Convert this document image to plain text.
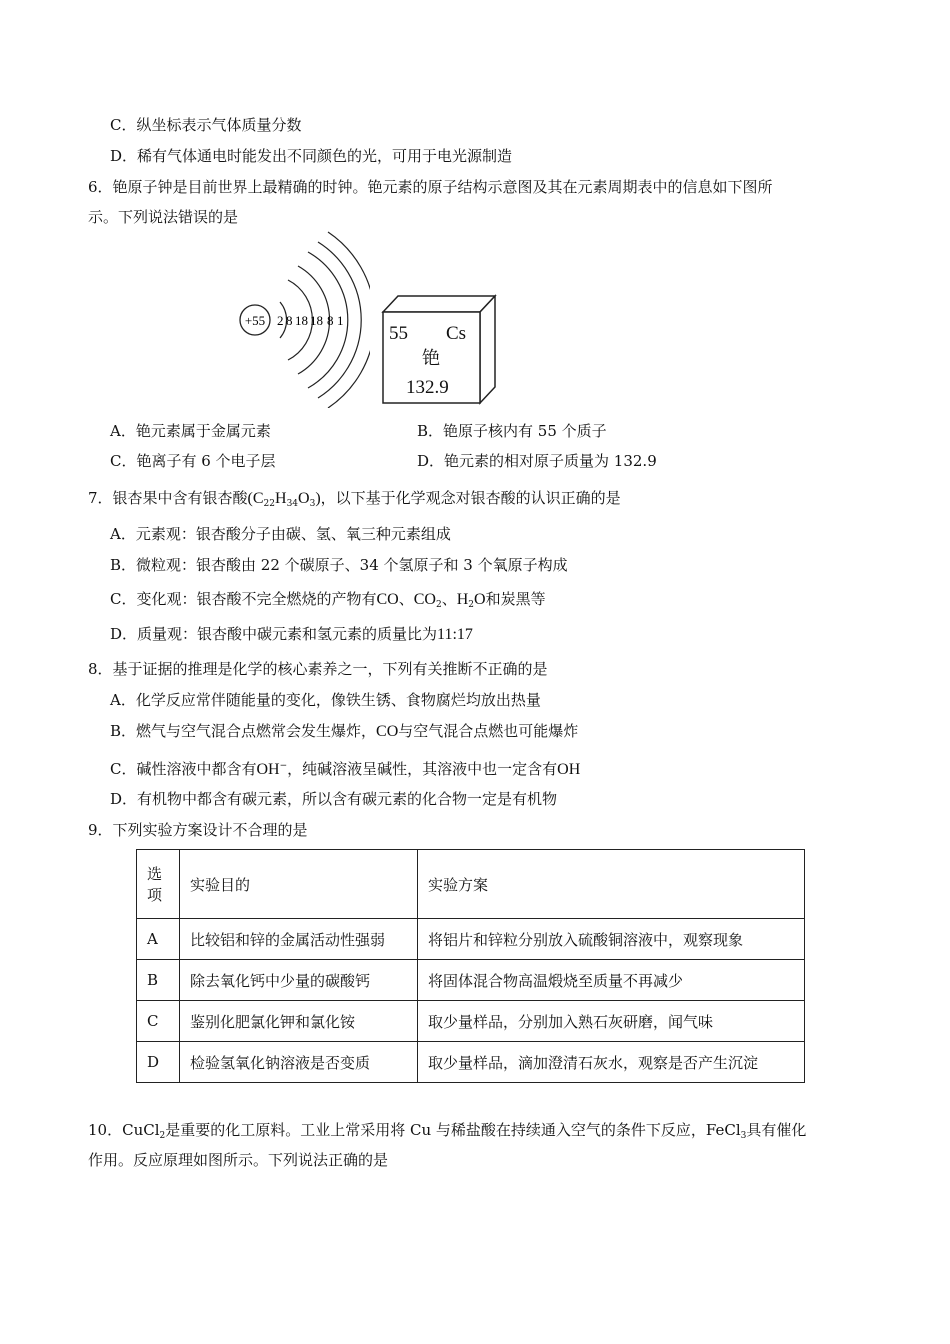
C．纵坐标表示气体质量分数
D．稀有气体通电时能发出不同颜色的光，可用于电光源制造
6．铯原子钟是目前世界上最精确的时钟。铯元素的原子结构示意图及其在元素周期表中的信息如下图所
示。下列说法错误的是
+55 2 8 18 18 8 1
55 Cs
铯
132.9
A．铯元素属于金属元素	B．铯原子核内有 55 个质子
C．铯离子有 6 个电子层	D．铯元素的相对原子质量为 132.9
7．银杏果中含有银杏酸$(C_{22}H_{34}O_3)$，以下基于化学观念对银杏酸的认识正确的是
A．元素观：银杏酸分子由碳、氢、氧三种元素组成
B．微粒观：银杏酸由 22 个碳原子、34 个氢原子和 3 个氧原子构成
C．变化观：银杏酸不完全燃烧的产物有CO、$CO_2$、$H_2O$和炭黑等
D．质量观：银杏酸中碳元素和氢元素的质量比为11:17
8．基于证据的推理是化学的核心素养之一，下列有关推断不正确的是
A．化学反应常伴随能量的变化，像铁生锈、食物腐烂均放出热量
B．燃气与空气混合点燃常会发生爆炸，CO与空气混合点燃也可能爆炸
C．碱性溶液中都含有OH−，纯碱溶液呈碱性，其溶液中也一定含有OH
D．有机物中都含有碳元素，所以含有碳元素的化合物一定是有机物
9．下列实验方案设计不合理的是
选
项	实验目的	实验方案
A	比较铝和锌的金属活动性强弱	将铝片和锌粒分别放入硫酸铜溶液中，观察现象
B	除去氧化钙中少量的碳酸钙	将固体混合物高温煅烧至质量不再减少
C	鉴别化肥氯化钾和氯化铵	取少量样品，分别加入熟石灰研磨，闻气味
D	检验氢氧化钠溶液是否变质	取少量样品，滴加澄清石灰水，观察是否产生沉淀
10．CuCl$_2$是重要的化工原料。工业上常采用将 Cu 与稀盐酸在持续通入空气的条件下反应，FeCl$_3$具有催化
作用。反应原理如图所示。下列说法正确的是
